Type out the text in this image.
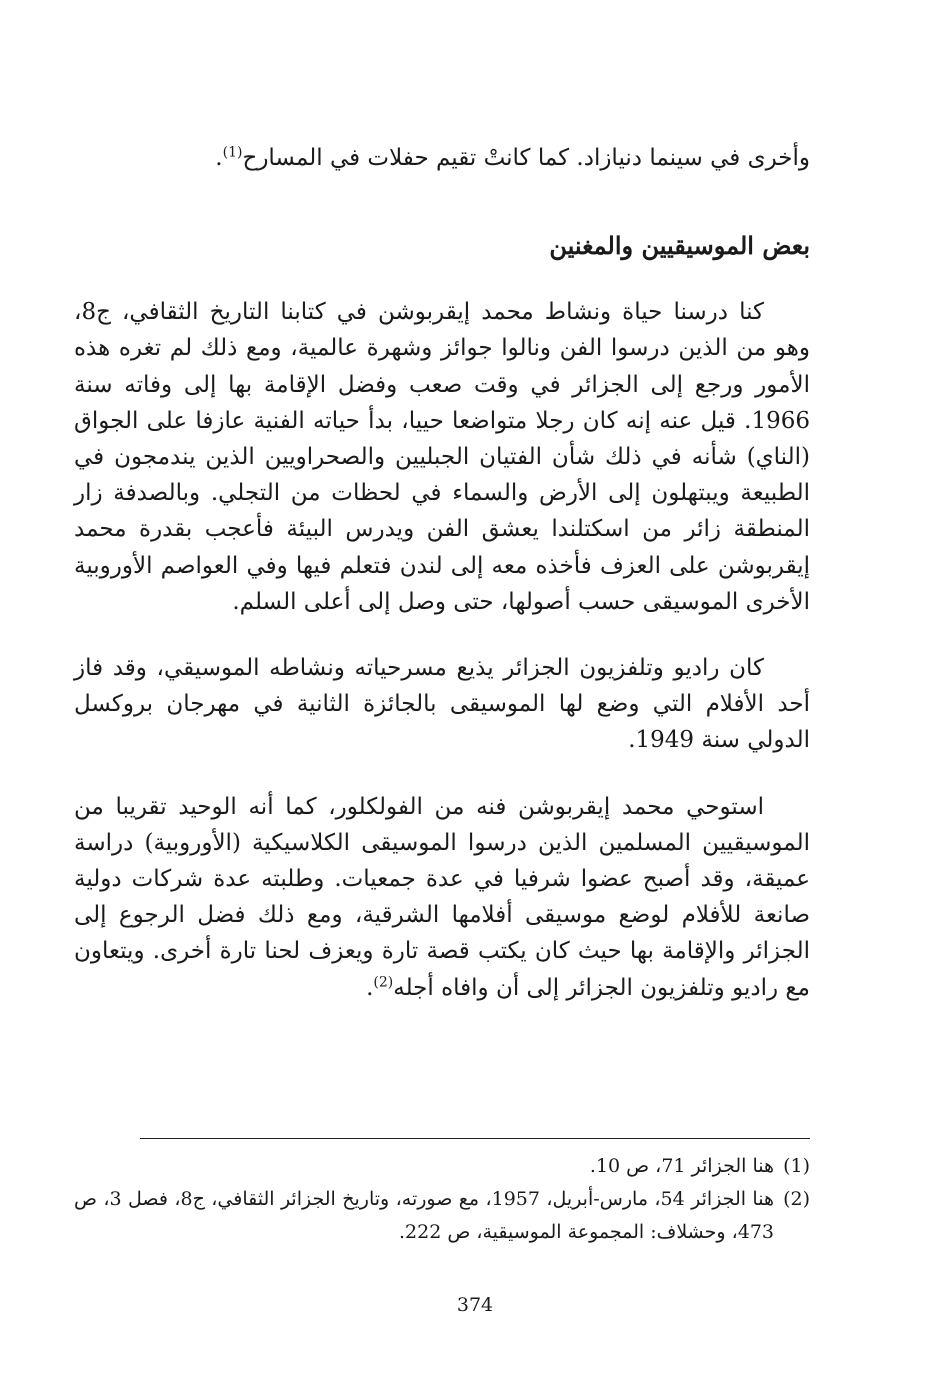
وأخرى في سينما دنيازاد. كما كانتْ تقيم حفلات في المسارح$^{(1)}$.

بعض الموسيقيين والمغنين

كنا درسنا حياة ونشاط محمد إيقربوشن في كتابنا التاريخ الثقافي، ج8، وهو من الذين درسوا الفن ونالوا جوائز وشهرة عالمية، ومع ذلك لم تغره هذه الأمور ورجع إلى الجزائر في وقت صعب وفضل الإقامة بها إلى وفاته سنة 1966. قيل عنه إنه كان رجلا متواضعا حييا، بدأ حياته الفنية عازفا على الجواق (الناي) شأنه في ذلك شأن الفتيان الجبليين والصحراويين الذين يندمجون في الطبيعة ويبتهلون إلى الأرض والسماء في لحظات من التجلي. وبالصدفة زار المنطقة زائر من اسكتلندا يعشق الفن ويدرس البيئة فأعجب بقدرة محمد إيقربوشن على العزف فأخذه معه إلى لندن فتعلم فيها وفي العواصم الأوروبية الأخرى الموسيقى حسب أصولها، حتى وصل إلى أعلى السلم.

كان راديو وتلفزيون الجزائر يذيع مسرحياته ونشاطه الموسيقي، وقد فاز أحد الأفلام التي وضع لها الموسيقى بالجائزة الثانية في مهرجان بروكسل الدولي سنة 1949.

استوحي محمد إيقربوشن فنه من الفولكلور، كما أنه الوحيد تقريبا من الموسيقيين المسلمين الذين درسوا الموسيقى الكلاسيكية (الأوروبية) دراسة عميقة، وقد أصبح عضوا شرفيا في عدة جمعيات. وطلبته عدة شركات دولية صانعة للأفلام لوضع موسيقى أفلامها الشرقية، ومع ذلك فضل الرجوع إلى الجزائر والإقامة بها حيث كان يكتب قصة تارة ويعزف لحنا تارة أخرى. ويتعاون مع راديو وتلفزيون الجزائر إلى أن وافاه أجله$^{(2)}$.

(1)
هنا الجزائر 71، ص 10.
(2)
هنا الجزائر 54، مارس-أبريل، 1957، مع صورته، وتاريخ الجزائر الثقافي، ج8، فصل 3، ص 473، وحشلاف: المجموعة الموسيقية، ص 222.
374
